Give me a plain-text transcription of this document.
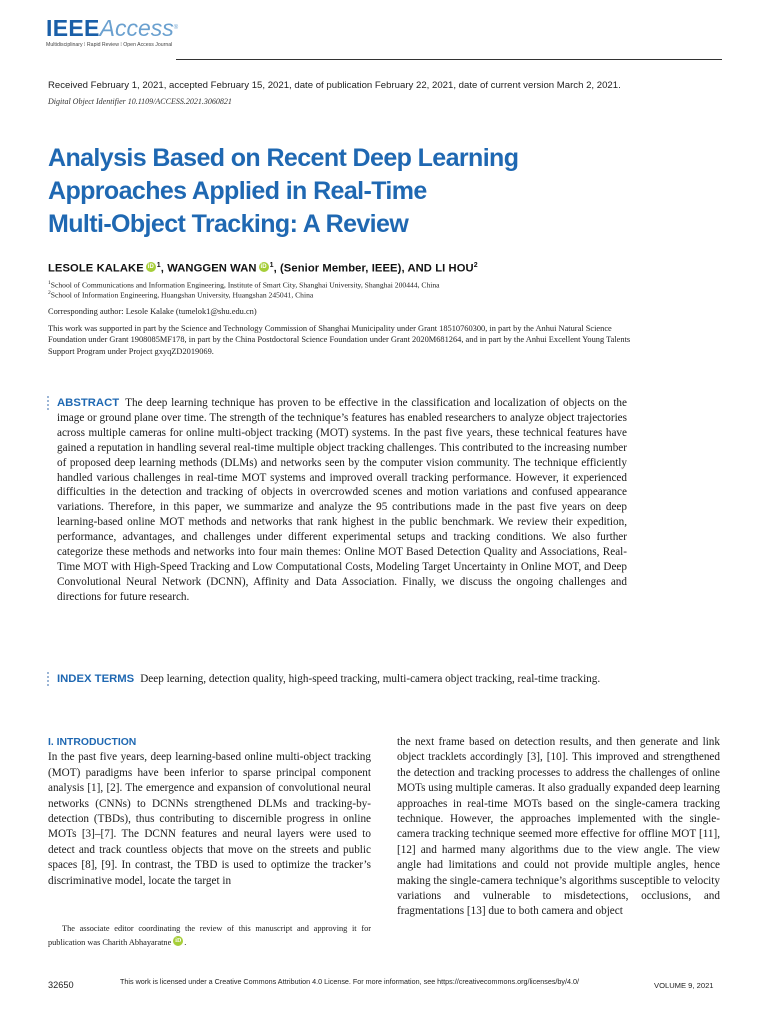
IEEEAccess®
Multidisciplinary ⁞ Rapid Review ⁞ Open Access Journal
Received February 1, 2021, accepted February 15, 2021, date of publication February 22, 2021, date of current version March 2, 2021.
Digital Object Identifier 10.1109/ACCESS.2021.3060821
Analysis Based on Recent Deep Learning
Approaches Applied in Real-Time
Multi-Object Tracking: A Review
LESOLE KALAKE iD $^1$, WANGGEN WAN iD $^1$, (Senior Member, IEEE), AND LI HOU$^2$
$^1$School of Communications and Information Engineering, Institute of Smart City, Shanghai University, Shanghai 200444, China
$^2$School of Information Engineering, Huangshan University, Huangshan 245041, China
Corresponding author: Lesole Kalake (tumelok1@shu.edu.cn)
This work was supported in part by the Science and Technology Commission of Shanghai Municipality under Grant 18510760300, in part by the Anhui Natural Science Foundation under Grant 1908085MF178, in part by the China Postdoctoral Science Foundation under Grant 2020M681264, and in part by the Anhui Excellent Young Talents Support Program under Project gxyqZD2019069.
ABSTRACT The deep learning technique has proven to be effective in the classification and localization of objects on the image or ground plane over time. The strength of the technique’s features has enabled researchers to analyze object trajectories across multiple cameras for online multi-object tracking (MOT) systems. In the past five years, these technical features have gained a reputation in handling several real-time multiple object tracking challenges. This contributed to the increasing number of proposed deep learning methods (DLMs) and networks seen by the computer vision community. The technique efficiently handled various challenges in real-time MOT systems and improved overall tracking performance. However, it experienced difficulties in the detection and tracking of objects in overcrowded scenes and motion variations and confused appearance variations. Therefore, in this paper, we summarize and analyze the 95 contributions made in the past five years on deep learning-based online MOT methods and networks that rank highest in the public benchmark. We review their expedition, performance, advantages, and challenges under different experimental setups and tracking conditions. We also further categorize these methods and networks into four main themes: Online MOT Based Detection Quality and Associations, Real-Time MOT with High-Speed Tracking and Low Computational Costs, Modeling Target Uncertainty in Online MOT, and Deep Convolutional Neural Network (DCNN), Affinity and Data Association. Finally, we discuss the ongoing challenges and directions for future research.
INDEX TERMS Deep learning, detection quality, high-speed tracking, multi-camera object tracking, real-time tracking.
I. INTRODUCTION
In the past five years, deep learning-based online multi-object tracking (MOT) paradigms have been inferior to sparse principal component analysis [1], [2]. The emergence and expansion of convolutional neural networks (CNNs) to DCNNs strengthened DLMs and tracking-by-detection (TBDs), thus contributing to discernible progress in online MOTs [3]–[7]. The DCNN features and neural layers were used to detect and track countless objects that move on the streets and public spaces [8], [9]. In contrast, the TBD is used to optimize the tracker’s discriminative model, locate the target in
the next frame based on detection results, and then generate and link object tracklets accordingly [3], [10]. This improved and strengthened the detection and tracking processes to address the challenges of online MOTs using multiple cameras. It also gradually expanded deep learning approaches in real-time MOTs based on the single-camera tracking technique. However, the approaches implemented with the single-camera tracking technique seemed more effective for offline MOT [11], [12] and harmed many algorithms due to the view angle. The view angle had limitations and could not provide multiple angles, hence making the single-camera technique’s algorithms susceptible to velocity variations and vulnerable to misdetections, occlusions, and fragmentations [13] due to both camera and object
The associate editor coordinating the review of this manuscript and approving it for publication was Charith Abhayaratne iD .
32650	This work is licensed under a Creative Commons Attribution 4.0 License. For more information, see https://creativecommons.org/licenses/by/4.0/	VOLUME 9, 2021
